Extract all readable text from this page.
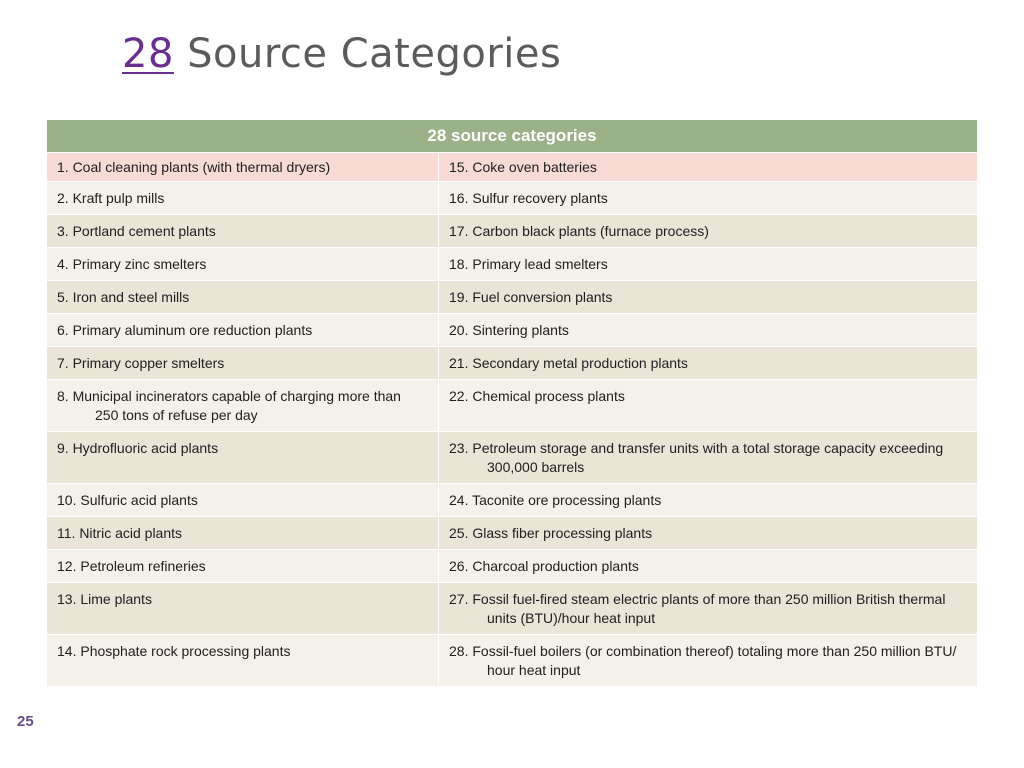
28 Source Categories
28 source categories	

1. Coal cleaning plants (with thermal dryers)	15. Coke oven batteries

2. Kraft pulp mills	16. Sulfur recovery plants

3. Portland cement plants	17. Carbon black plants (furnace process)

4. Primary zinc smelters	18. Primary lead smelters

5. Iron and steel mills	19. Fuel conversion plants

6. Primary aluminum ore reduction plants	20. Sintering plants

7. Primary copper smelters	21. Secondary metal production plants

8. Municipal incinerators capable of charging more than 250 tons of refuse per day	22. Chemical process plants

9. Hydrofluoric acid plants	23. Petroleum storage and transfer units with a total storage capacity exceeding 300,000 barrels

10. Sulfuric acid plants	24. Taconite ore processing plants

11. Nitric acid plants	25. Glass fiber processing plants

12. Petroleum refineries	26. Charcoal production plants

13. Lime plants	27. Fossil fuel-fired steam electric plants of more than 250 million British thermal units (BTU)/hour heat input

14. Phosphate rock processing plants	28. Fossil-fuel boilers (or combination thereof) totaling more than 250 million BTU/ hour heat input
25
